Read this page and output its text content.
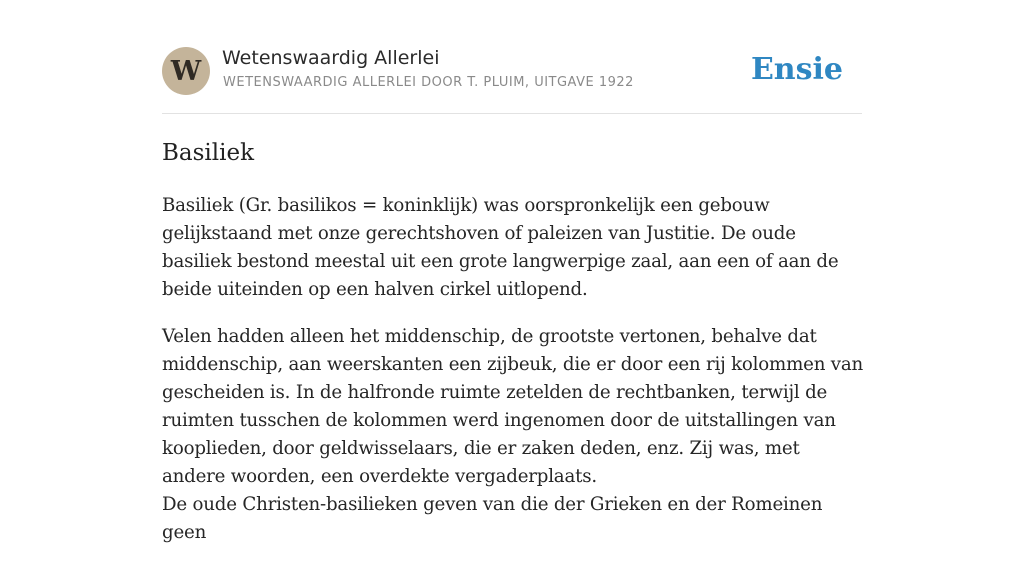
W	Wetenswaardig Allerlei
WETENSWAARDIG ALLERLEI DOOR T. PLUIM, UITGAVE 1922	Ensie
Basiliek

Basiliek (Gr. basilikos = koninklijk) was oorspronkelijk een gebouw gelijkstaand met onze gerechtshoven of paleizen van Justitie. De oude basiliek bestond meestal uit een grote langwerpige zaal, aan een of aan de beide uiteinden op een halven cirkel uitlopend.

Velen hadden alleen het middenschip, de grootste vertonen, behalve dat middenschip, aan weerskanten een zijbeuk, die er door een rij kolommen van gescheiden is. In de halfronde ruimte zetelden de rechtbanken, terwijl de ruimten tusschen de kolommen werd ingenomen door de uitstallingen van kooplieden, door geldwisselaars, die er zaken deden, enz. Zij was, met andere woorden, een overdekte vergaderplaats.

De oude Christen-basilieken geven van die der Grieken en der Romeinen geen
